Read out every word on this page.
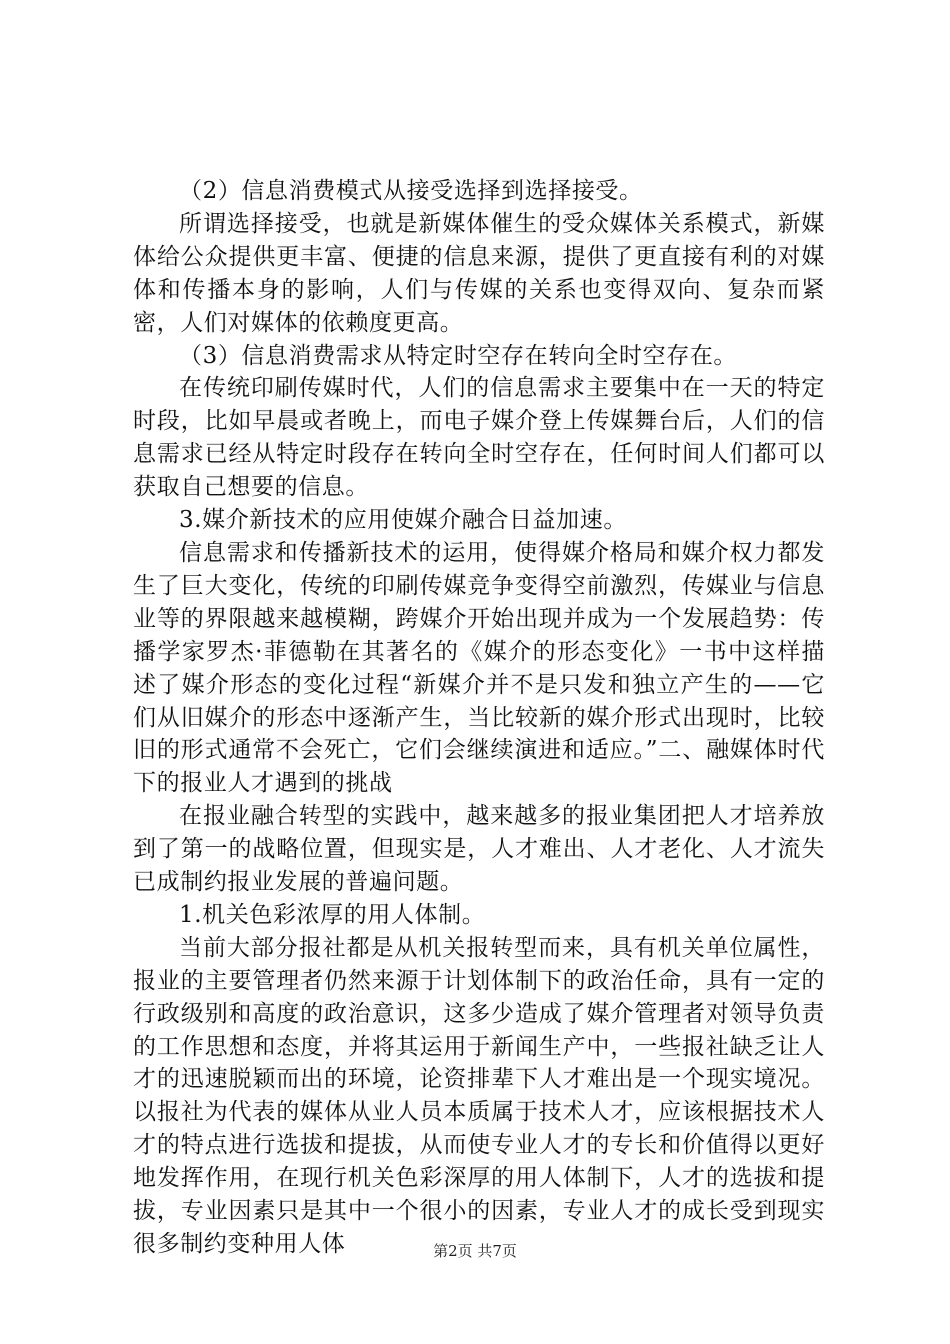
（2）信息消费模式从接受选择到选择接受。

所谓选择接受，也就是新媒体催生的受众媒体关系模式，新媒体给公众提供更丰富、便捷的信息来源，提供了更直接有利的对媒体和传播本身的影响，人们与传媒的关系也变得双向、复杂而紧密，人们对媒体的依赖度更高。

（3）信息消费需求从特定时空存在转向全时空存在。

在传统印刷传媒时代，人们的信息需求主要集中在一天的特定时段，比如早晨或者晚上，而电子媒介登上传媒舞台后，人们的信息需求已经从特定时段存在转向全时空存在，任何时间人们都可以获取自己想要的信息。

3.媒介新技术的应用使媒介融合日益加速。

信息需求和传播新技术的运用，使得媒介格局和媒介权力都发生了巨大变化，传统的印刷传媒竞争变得空前激烈，传媒业与信息业等的界限越来越模糊，跨媒介开始出现并成为一个发展趋势：传播学家罗杰·菲德勒在其著名的《媒介的形态变化》一书中这样描述了媒介形态的变化过程“新媒介并不是只发和独立产生的——它们从旧媒介的形态中逐渐产生，当比较新的媒介形式出现时，比较旧的形式通常不会死亡，它们会继续演进和适应。”二、融媒体时代下的报业人才遇到的挑战

在报业融合转型的实践中，越来越多的报业集团把人才培养放到了第一的战略位置，但现实是，人才难出、人才老化、人才流失已成制约报业发展的普遍问题。

1.机关色彩浓厚的用人体制。

当前大部分报社都是从机关报转型而来，具有机关单位属性，报业的主要管理者仍然来源于计划体制下的政治任命，具有一定的行政级别和高度的政治意识，这多少造成了媒介管理者对领导负责的工作思想和态度，并将其运用于新闻生产中，一些报社缺乏让人才的迅速脱颖而出的环境，论资排辈下人才难出是一个现实境况。以报社为代表的媒体从业人员本质属于技术人才，应该根据技术人才的特点进行选拔和提拔，从而使专业人才的专长和价值得以更好地发挥作用，在现行机关色彩深厚的用人体制下，人才的选拔和提拔，专业因素只是其中一个很小的因素，专业人才的成长受到现实很多制约变种用人体	第2页 共7页
